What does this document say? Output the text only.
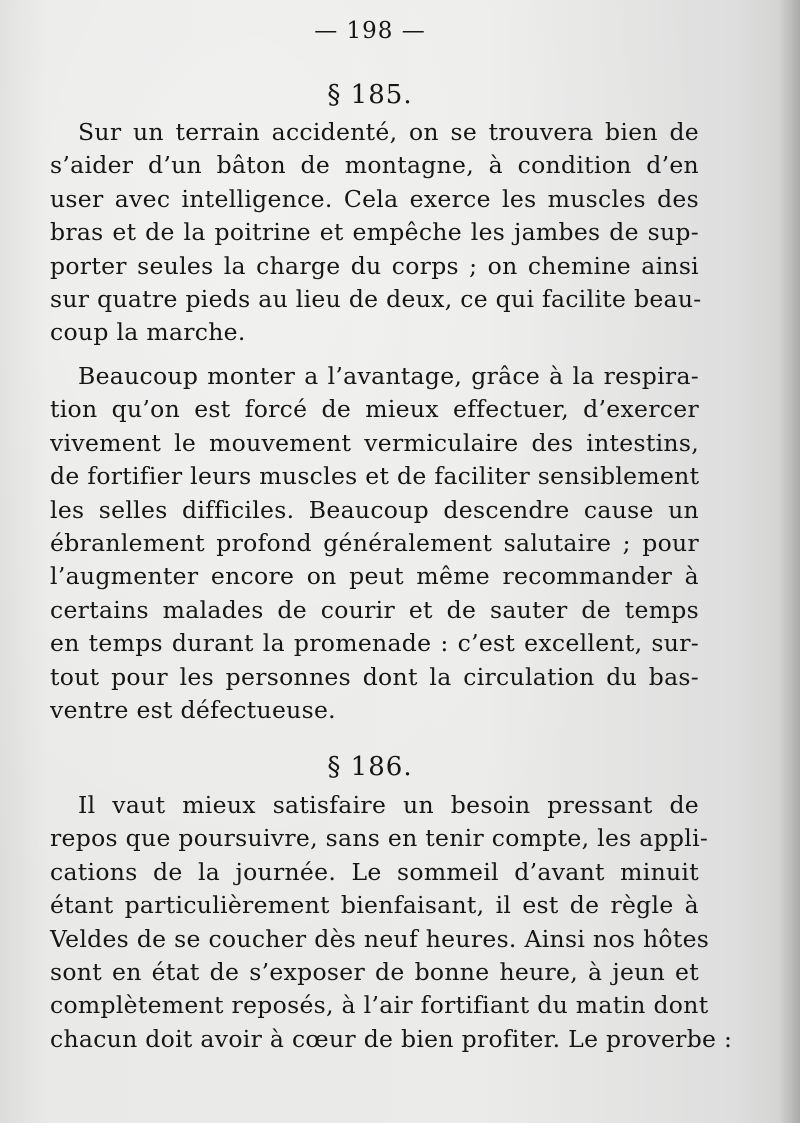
— 198 —
§ 185.
Sur un terrain accidenté, on se trouvera bien de
s’aider d’un bâton de montagne, à condition d’en
user avec intelligence. Cela exerce les muscles des
bras et de la poitrine et empêche les jambes de sup-
porter seules la charge du corps ; on chemine ainsi
sur quatre pieds au lieu de deux, ce qui facilite beau-
coup la marche.
Beaucoup monter a l’avantage, grâce à la respira-
tion qu’on est forcé de mieux effectuer, d’exercer
vivement le mouvement vermiculaire des intestins,
de fortifier leurs muscles et de faciliter sensiblement
les selles difficiles. Beaucoup descendre cause un
ébranlement profond généralement salutaire ; pour
l’augmenter encore on peut même recommander à
certains malades de courir et de sauter de temps
en temps durant la promenade : c’est excellent, sur-
tout pour les personnes dont la circulation du bas-
ventre est défectueuse.
§ 186.
Il vaut mieux satisfaire un besoin pressant de
repos que poursuivre, sans en tenir compte, les appli-
cations de la journée. Le sommeil d’avant minuit
étant particulièrement bienfaisant, il est de règle à
Veldes de se coucher dès neuf heures. Ainsi nos hôtes
sont en état de s’exposer de bonne heure, à jeun et
complètement reposés, à l’air fortifiant du matin dont
chacun doit avoir à cœur de bien profiter. Le proverbe :
